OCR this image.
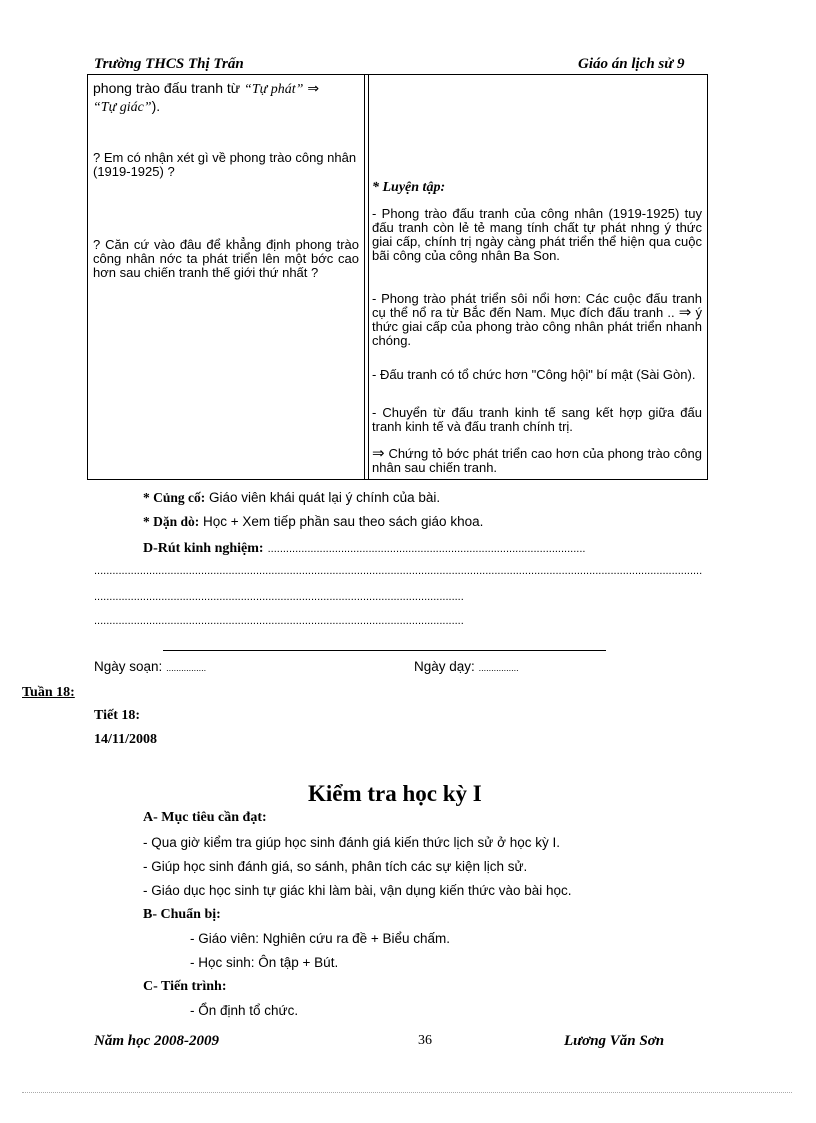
Trường THCS Thị Trấn	Giáo án lịch sử 9
phong trào đấu tranh từ “Tự phát” ⇒
“Tự giác”).
? Em có nhận xét gì về phong trào công nhân (1919-1925) ?
? Căn cứ vào đâu để khẳng định phong trào công nhân nớc ta phát triển lên một bớc cao hơn sau chiến tranh thế giới thứ nhất ?
* Luyện tập:
- Phong trào đấu tranh của công nhân (1919-1925) tuy đấu tranh còn lẻ tẻ mang tính chất tự phát nhng ý thức giai cấp, chính trị ngày càng phát triển thể hiện qua cuộc bãi công của công nhân Ba Son.
- Phong trào phát triển sôi nổi hơn: Các cuộc đấu tranh cụ thể nổ ra từ Bắc đến Nam. Mục đích đấu tranh .. ⇒ ý thức giai cấp của phong trào công nhân phát triển nhanh chóng.
- Đấu tranh có tổ chức hơn "Công hội" bí mật (Sài Gòn).
- Chuyển từ đấu tranh kinh tế sang kết hợp giữa đấu tranh kinh tế và đấu tranh chính trị.
⇒ Chứng tỏ bớc phát triển cao hơn của phong trào công nhân sau chiến tranh.
* Củng cố: Giáo viên khái quát lại ý chính của bài.
* Dặn dò: Học + Xem tiếp phần sau theo sách giáo khoa.
D-Rút kinh nghiệm: ........................................................................................................
.......................................................................................................................................................................................................
.........................................................................................................................
.........................................................................................................................
Ngày soạn: ................	Ngày dạy: ................
Tuần 18:
Tiết 18:
14/11/2008
Kiểm tra học kỳ I
A- Mục tiêu cần đạt:
- Qua giờ kiểm tra giúp học sinh đánh giá kiến thức lịch sử ở học kỳ I.
- Giúp học sinh đánh giá, so sánh, phân tích các sự kiện lịch sử.
- Giáo dục học sinh tự giác khi làm bài, vận dụng kiến thức vào bài học.
B- Chuẩn bị:
- Giáo viên: Nghiên cứu ra đề + Biểu chấm.
- Học sinh: Ôn tập + Bút.
C- Tiến trình:
- Ổn định tổ chức.
Năm học 2008-2009	36	Lương Văn Sơn
